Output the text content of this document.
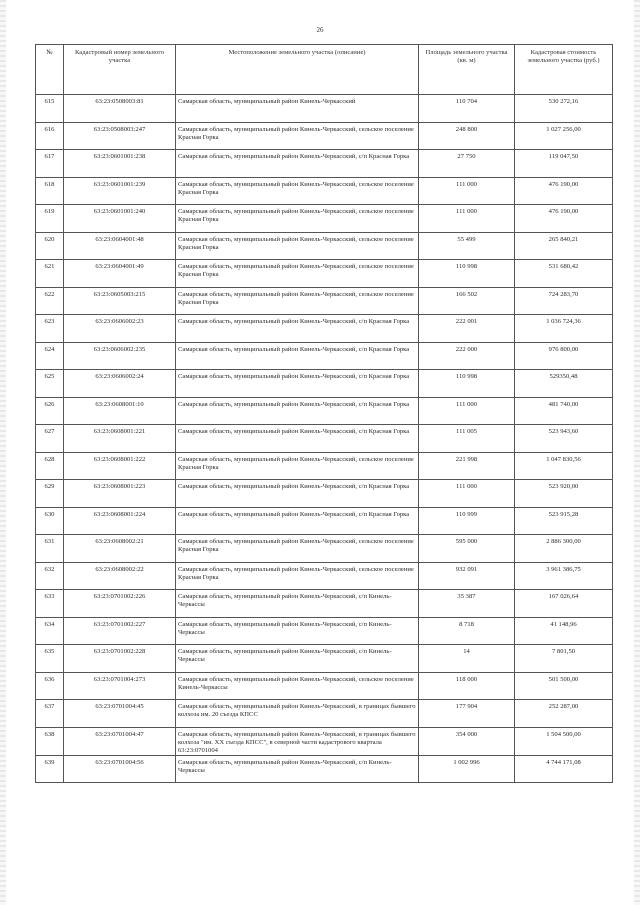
26
№	Кадастровый номер земельного участка	Местоположение земельного участка (описание)	Площадь земельного участка (кв. м)	Кадастровая стоимость земельного участка (руб.)
615	63:23:0508003:81	Самарская область, муниципальный район Кинель-Черкасский	110 704	530 272,16
616	63:23:0508003:247	Самарская область, муниципальный район Кинель-Черкасский, сельское поселение Красная Горка	248 800	1 027 256,00
617	63:23:0601001:238	Самарская область, муниципальный район Кинель-Черкасский, с/п Красная Горка	27 750	119 047,50
618	63:23:0601001:239	Самарская область, муниципальный район Кинель-Черкасский, сельское поселение Красная Горка	111 000	476 190,00
619	63:23:0601001:240	Самарская область, муниципальный район Кинель-Черкасский, сельское поселение Красная Горка	111 000	476 190,00
620	63:23:0604001:48	Самарская область, муниципальный район Кинель-Черкасский, сельское поселение Красная Горка	55 499	265 840,21
621	63:23:0604001:49	Самарская область, муниципальный район Кинель-Черкасский, сельское поселение Красная Горка	110 998	531 680,42
622	63:23:0605003:215	Самарская область, муниципальный район Кинель-Черкасский, сельское поселение Красная Горка	166 502	724 283,70
623	63:23:0606002:23	Самарская область, муниципальный район Кинель-Черкасский, с/п Красная Горка	222 001	1 036 724,36
624	63:23:0606002:235	Самарская область, муниципальный район Кинель-Черкасский, с/п Красная Горка	222 000	976 800,00
625	63:23:0606002:24	Самарская область, муниципальный район Кинель-Черкасский, с/п Красная Горка	110 998	529350,48
626	63:23:0608001:10	Самарская область, муниципальный район Кинель-Черкасский, с/п Красная Горка	111 000	481 740,00
627	63:23:0608001:221	Самарская область, муниципальный район Кинель-Черкасский, с/п Красная Горка	111 005	523 943,60
628	63:23:0608001:222	Самарская область, муниципальный район Кинель-Черкасский, сельское поселение Красная Горка	221 998	1 047 830,56
629	63:23:0608001:223	Самарская область, муниципальный район Кинель-Черкасский, с/п Красная Горка	111 000	523 920,00
630	63:23:0608001:224	Самарская область, муниципальный район Кинель-Черкасский, с/п Красная Горка	110 999	523 915,28
631	63:23:0608002:21	Самарская область, муниципальный район Кинель-Черкасский, сельское поселение Красная Горка	595 000	2 886 300,00
632	63:23:0608002:22	Самарская область, муниципальный район Кинель-Черкасский, сельское поселение Красная Горка	932 091	3 961 386,75
633	63:23:0701002:226	Самарская область, муниципальный район Кинель-Черкасский, с/п Кинель-Черкассы	35 387	167 026,64
634	63:23:0701002:227	Самарская область, муниципальный район Кинель-Черкасский, с/п Кинель-Черкассы	8 718	41 148,96
635	63:23:0701002:228	Самарская область, муниципальный район Кинель-Черкасский, с/п Кинель-Черкассы	14	7 801,50
636	63:23:0701004:273	Самарская область, муниципальный район Кинель-Черкасский, сельское поселение Кинель-Черкассы	118 000	501 500,00
637	63:23:0701004:45	Самарская область, муниципальный район Кинель-Черкасский, в границах бывшего колхоза им. 20 съезда КПСС	177 904	252 287,00
638	63:23:0701004:47	Самарская область, муниципальный район Кинель-Черкасский, в границах бывшего колхоза "им. XX съезда КПСС", в северной части кадастрового квартала 63:23:0701004	354 000	1 504 500,00
639	63:23:0701004:56	Самарская область, муниципальный район Кинель-Черкасский, с/п Кинель-Черкассы	1 002 996	4 744 171,08
